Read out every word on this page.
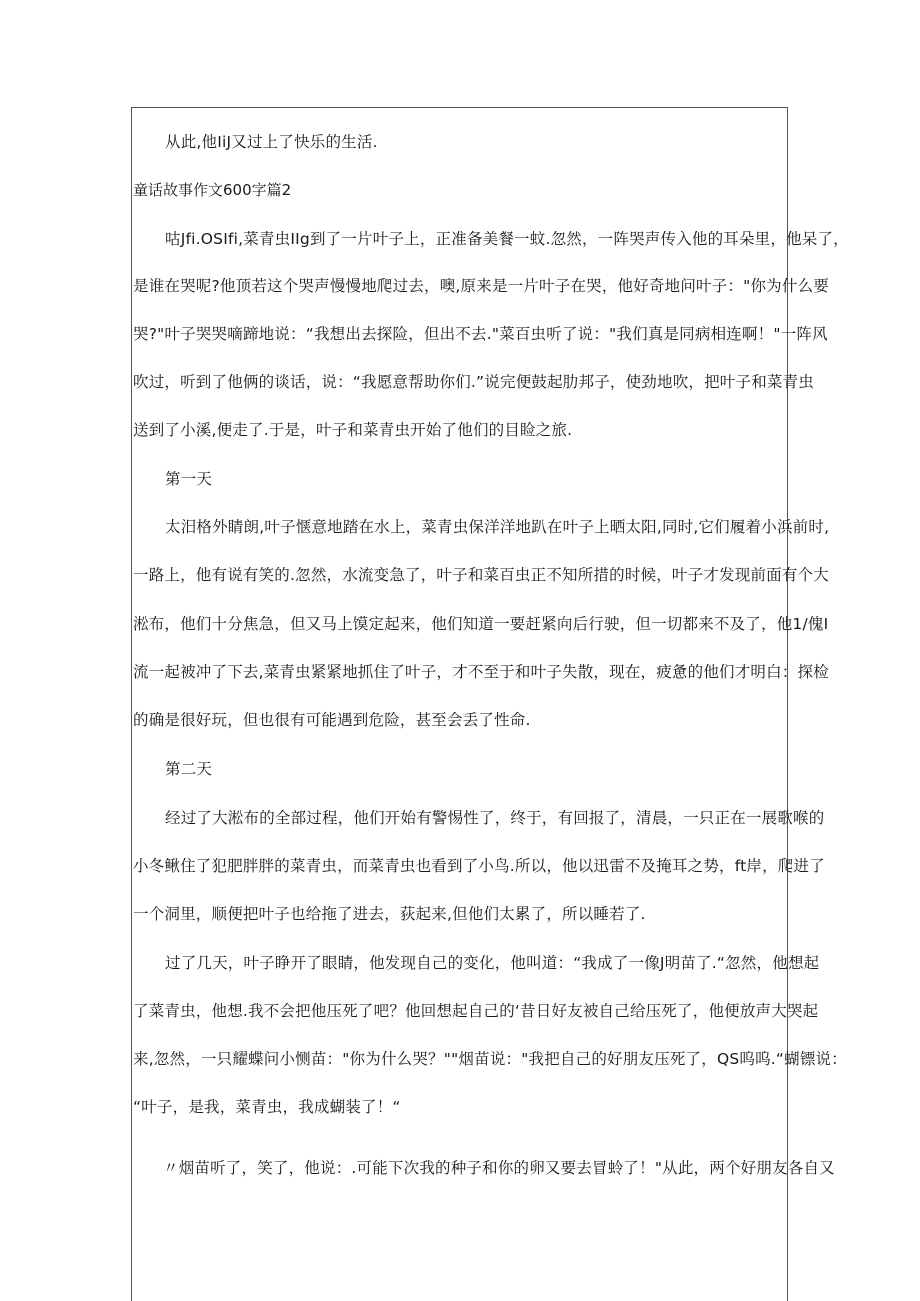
从此,他IiJ又过上了快乐的生活.
童话故事作文600字篇2
咕Jfi.OSIfi,菜青虫IIg到了一片叶子上，正准备美餐一蚊.忽然，一阵哭声传入他的耳朵里，他呆了，
是谁在哭呢?他顶若这个哭声慢慢地爬过去，噢,原来是一片叶子在哭，他好奇地问叶子："你为什么要
哭?"叶子哭哭嘀蹄地说：“我想出去探险，但出不去."菜百虫听了说："我们真是同病相连啊！"一阵风
吹过，听到了他俩的谈话，说：“我愿意帮助你们.”说完便鼓起肋邦子，使劲地吹，把叶子和菜青虫
送到了小溪,便走了.于是，叶子和菜青虫开始了他们的目睑之旅.
第一天
太汨格外睛朗,叶子惬意地踏在水上，菜青虫保洋洋地趴在叶子上晒太阳,同时,它们履着小浜前时,
一路上，他有说有笑的.忽然，水流变急了，叶子和菜百虫正不知所措的时候，叶子才发现前面有个大
淞布，他们十分焦急，但又马上馍定起来，他们知道一要赶紧向后行驶，但一切都来不及了，他1/傀I
流一起被冲了下去,菜青虫紧紧地抓住了叶子，才不至于和叶子失散，现在，疲惫的他们才明白：探检
的确是很好玩，但也很有可能遇到危险，甚至会丢了性命.
第二天
经过了大淞布的全部过程，他们开始有警惕性了，终于，有回报了，清晨，一只正在一展歌喉的
小冬鳅住了犯肥胖胖的菜青虫，而菜青虫也看到了小鸟.所以，他以迅雷不及掩耳之势，ft岸，爬进了
一个洞里，顺便把叶子也给拖了进去，荻起来,但他们太累了，所以睡若了.
过了几天，叶子睁开了眼睛，他发现自己的变化，他叫道：“我成了一像J明苗了.“忽然，他想起
了菜青虫，他想.我不会把他压死了吧？他回想起自己的‘昔日好友被自己给压死了，他便放声大哭起
来,忽然，一只耀蝶问小恻苗："你为什么哭？""烟苗说："我把自己的好朋友压死了，QS呜呜.“蝴镖说：
“叶子，是我，菜青虫，我成蝴装了！“
〃烟苗听了，笑了，他说：.可能下次我的种子和你的卵又要去冒蛉了！"从此，两个好朋友各自又
